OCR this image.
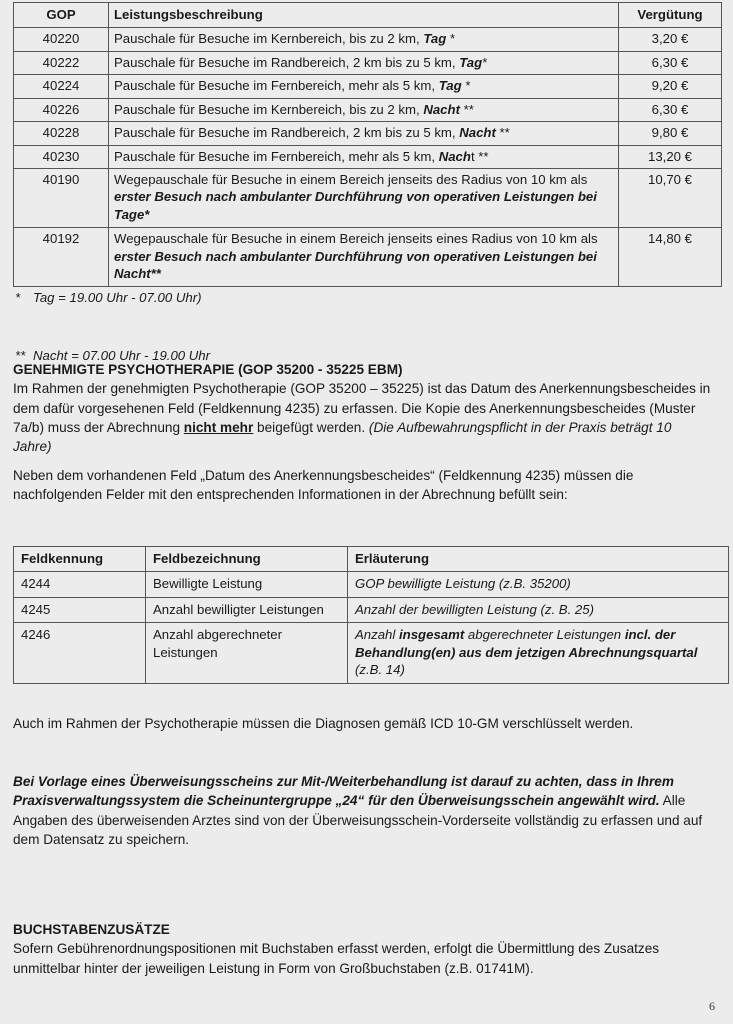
GOP	Leistungsbeschreibung	Vergütung
40220	Pauschale für Besuche im Kernbereich, bis zu 2 km, Tag *	3,20 €
40222	Pauschale für Besuche im Randbereich, 2 km bis zu 5 km, Tag*	6,30 €
40224	Pauschale für Besuche im Fernbereich, mehr als 5 km, Tag *	9,20 €
40226	Pauschale für Besuche im Kernbereich, bis zu 2 km, Nacht **	6,30 €
40228	Pauschale für Besuche im Randbereich, 2 km bis zu 5 km, Nacht **	9,80 €
40230	Pauschale für Besuche im Fernbereich, mehr als 5 km, Nacht **	13,20 €
40190	Wegepauschale für Besuche in einem Bereich jenseits des Radius von 10 km als erster Besuch nach ambulanter Durchführung von operativen Leistungen bei Tage*	10,70 €
40192	Wegepauschale für Besuche in einem Bereich jenseits eines Radius von 10 km als erster Besuch nach ambulanter Durchführung von operativen Leistungen bei Nacht**	14,80 €

* Tag = 19.00 Uhr - 07.00 Uhr)

** Nacht = 07.00 Uhr - 19.00 Uhr

GENEHMIGTE PSYCHOTHERAPIE (GOP 35200 - 35225 EBM)

Im Rahmen der genehmigten Psychotherapie (GOP 35200 – 35225) ist das Datum des Anerkennungsbescheides in dem dafür vorgesehenen Feld (Feldkennung 4235) zu erfassen. Die Kopie des Anerkennungsbescheides (Muster 7a/b) muss der Abrechnung nicht mehr beigefügt werden. (Die Aufbewahrungspflicht in der Praxis beträgt 10 Jahre)

Neben dem vorhandenen Feld „Datum des Anerkennungsbescheides“ (Feldkennung 4235) müssen die nachfolgenden Felder mit den entsprechenden Informationen in der Abrechnung befüllt sein:

Feldkennung	Feldbezeichnung	Erläuterung
4244	Bewilligte Leistung	GOP bewilligte Leistung (z.B. 35200)
4245	Anzahl bewilligter Leistungen	Anzahl der bewilligten Leistung (z. B. 25)
4246	Anzahl abgerechneter Leistungen	Anzahl insgesamt abgerechneter Leistungen incl. der Behandlung(en) aus dem jetzigen Abrechnungsquartal (z.B. 14)

Auch im Rahmen der Psychotherapie müssen die Diagnosen gemäß ICD 10-GM verschlüsselt werden.

Bei Vorlage eines Überweisungsscheins zur Mit-/Weiterbehandlung ist darauf zu achten, dass in Ihrem Praxisverwaltungssystem die Scheinuntergruppe „24“ für den Überweisungsschein angewählt wird. Alle Angaben des überweisenden Arztes sind von der Überweisungsschein-Vorderseite vollständig zu erfassen und auf dem Datensatz zu speichern.

BUCHSTABENZUSÄTZE

Sofern Gebührenordnungspositionen mit Buchstaben erfasst werden, erfolgt die Übermittlung des Zusatzes unmittelbar hinter der jeweiligen Leistung in Form von Großbuchstaben (z.B. 01741M).

6
